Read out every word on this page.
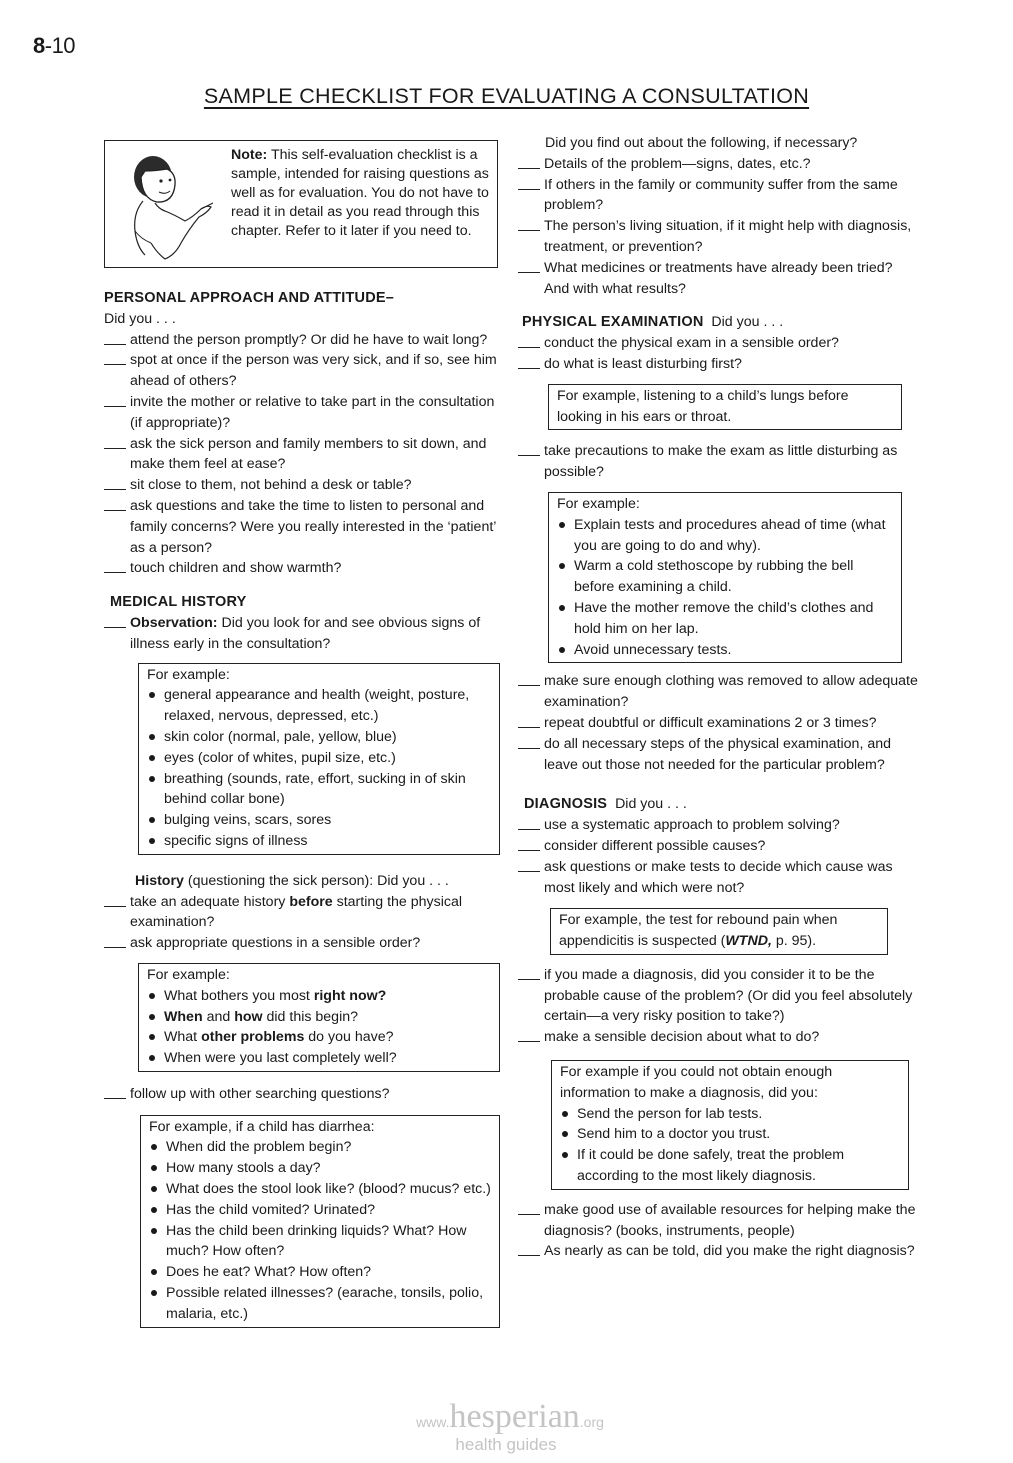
8-10
SAMPLE CHECKLIST FOR EVALUATING A CONSULTATION
Note: This self-evaluation checklist is a sample, intended for raising questions as well as for evaluation. You do not have to read it in detail as you read through this chapter. Refer to it later if you need to.
PERSONAL APPROACH AND ATTITUDE–
Did you . . .
attend the person promptly? Or did he have to wait long?
spot at once if the person was very sick, and if so, see him ahead of others?
invite the mother or relative to take part in the consultation (if appropriate)?
ask the sick person and family members to sit down, and make them feel at ease?
sit close to them, not behind a desk or table?
ask questions and take the time to listen to personal and family concerns? Were you really interested in the ‘patient’ as a person?
touch children and show warmth?
MEDICAL HISTORY
Observation: Did you look for and see obvious signs of illness early in the consultation?
For example:
general appearance and health (weight, posture, relaxed, nervous, depressed, etc.)
skin color (normal, pale, yellow, blue)
eyes (color of whites, pupil size, etc.)
breathing (sounds, rate, effort, sucking in of skin behind collar bone)
bulging veins, scars, sores
specific signs of illness
History (questioning the sick person): Did you . . .
take an adequate history before starting the physical examination?
ask appropriate questions in a sensible order?
For example:
What bothers you most right now?
When and how did this begin?
What other problems do you have?
When were you last completely well?
follow up with other searching questions?
For example, if a child has diarrhea:
When did the problem begin?
How many stools a day?
What does the stool look like? (blood? mucus? etc.)
Has the child vomited? Urinated?
Has the child been drinking liquids? What? How much? How often?
Does he eat? What? How often?
Possible related illnesses? (earache, tonsils, polio, malaria, etc.)
Did you find out about the following, if necessary?
Details of the problem—signs, dates, etc.?
If others in the family or community suffer from the same problem?
The person’s living situation, if it might help with diagnosis, treatment, or prevention?
What medicines or treatments have already been tried? And with what results?
PHYSICAL EXAMINATION Did you . . .
conduct the physical exam in a sensible order?
do what is least disturbing first?
For example, listening to a child’s lungs before looking in his ears or throat.
take precautions to make the exam as little disturbing as possible?
For example:
Explain tests and procedures ahead of time (what you are going to do and why).
Warm a cold stethoscope by rubbing the bell before examining a child.
Have the mother remove the child’s clothes and hold him on her lap.
Avoid unnecessary tests.
make sure enough clothing was removed to allow adequate examination?
repeat doubtful or difficult examinations 2 or 3 times?
do all necessary steps of the physical examination, and leave out those not needed for the particular problem?
DIAGNOSIS Did you . . .
use a systematic approach to problem solving?
consider different possible causes?
ask questions or make tests to decide which cause was most likely and which were not?
For example, the test for rebound pain when appendicitis is suspected (WTND, p. 95).
if you made a diagnosis, did you consider it to be the probable cause of the problem? (Or did you feel absolutely certain—a very risky position to take?)
make a sensible decision about what to do?
For example if you could not obtain enough information to make a diagnosis, did you:
Send the person for lab tests.
Send him to a doctor you trust.
If it could be done safely, treat the problem according to the most likely diagnosis.
make good use of available resources for helping make the diagnosis? (books, instruments, people)
As nearly as can be told, did you make the right diagnosis?
www.hesperian.org
health guides
